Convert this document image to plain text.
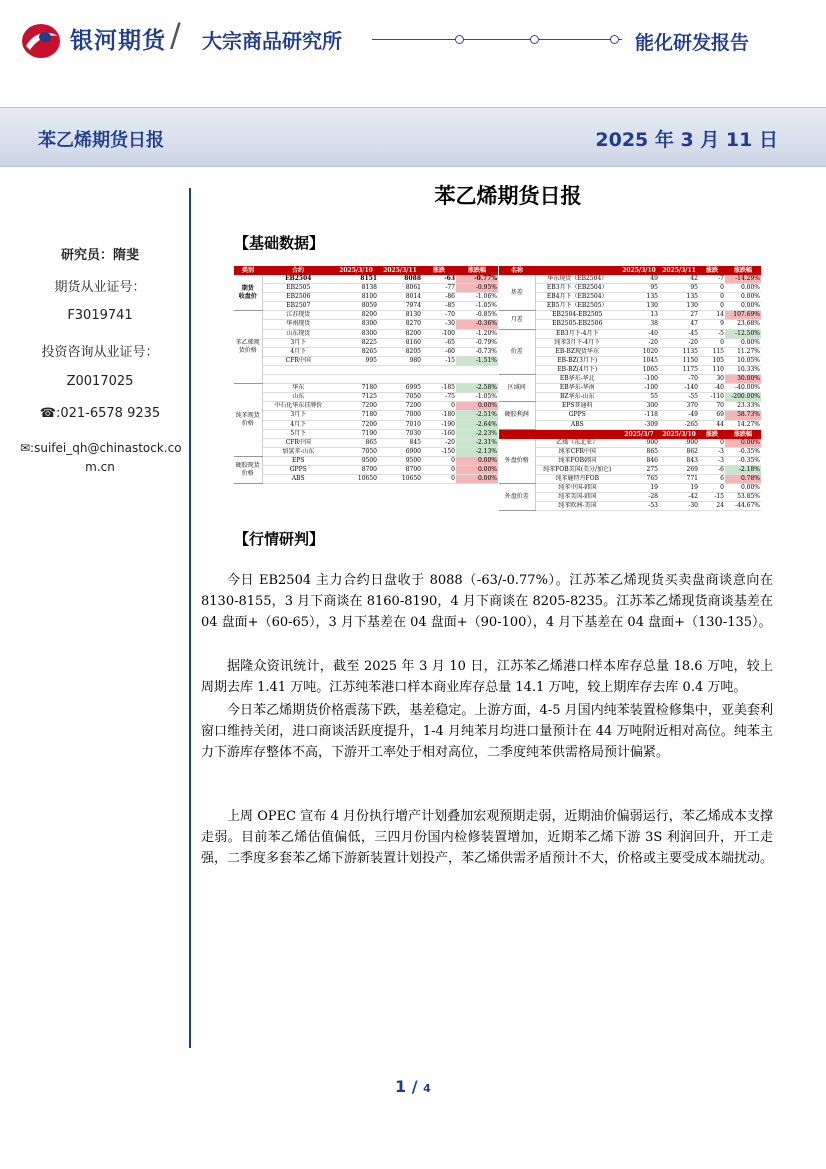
银河期货 / 大宗商品研究所	能化研发报告
苯乙烯期货日报	2025 年 3 月 11 日
研究员：隋斐
期货从业证号：
F3019741
投资咨询从业证号：
Z0017025
☎:021-6578 9235
✉:suifei_qh@chinastock.co
m.cn
苯乙烯期货日报
【基础数据】
类别	合约	2025/3/10	2025/3/11	涨跌	涨跌幅
期货
收盘价	EB2504	8151	8088	-63	-0.77%
	EB2505	8138	8061	-77	-0.95%
	EB2506	8100	8014	-86	-1.06%
	EB2507	8059	7974	-85	-1.05%
苯乙烯现
货价格	江苏现货	8200	8130	-70	-0.85%
	华南现货	8300	8270	-30	-0.36%
	山东现货	8300	8200	-100	-1.20%
	3月下	8225	8160	-65	-0.79%
	4月下	8265	8205	-60	-0.73%
	CFR中国	995	980	-15	-1.51%

纯苯现货
价格	华东	7180	6995	-185	-2.58%
	山东	7125	7050	-75	-1.05%
	中石化华东挂牌价	7200	7200	0	0.00%
	3月下	7180	7000	-180	-2.51%
	4月下	7200	7010	-190	-2.64%
	5月下	7190	7030	-160	-2.23%
	CFR中国	865	845	-20	-2.31%
	加氢苯-山东	7050	6900	-150	-2.13%
硬胶现货
价格	EPS	9500	9500	0	0.00%
	GPPS	8700	8700	0	0.00%
	ABS	10650	10650	0	0.00%
名称		2025/3/10	2025/3/11	涨跌	涨跌幅
基差	华东现货（EB2504）	49	42	-7	-14.29%
	EB3月下（EB2504）	95	95	0	0.00%
	EB4月下（EB2504）	135	135	0	0.00%
	EB5月下（EB2505）	130	130	0	0.00%
月差	EB2504-EB2505	13	27	14	107.69%
	EB2505-EB2506	38	47	9	23.68%
价差	EB3月下-4月下	-40	-45	-5	-12.50%
	纯苯3月下-4月下	-20	-20	0	0.00%
	EB-BZ现货华东	1020	1135	115	11.27%
	EB-BZ(3月下)	1045	1150	105	10.05%
	EB-BZ(4月下)	1065	1175	110	10.33%
区域间	EB华东-华北	-100	-70	30	30.00%
	EB华东-华南	-100	-140	-40	-40.00%
	BZ华东-山东	55	-55	-110	-200.00%
硬胶利润	EPS普通料	300	370	70	23.33%
	GPPS	-118	-49	69	58.73%
	ABS	-309	-265	44	14.27%
		2025/3/7	2025/3/10	涨跌	涨跌幅
外盘价格	乙烯（东北亚）	900	900	0	0.00%
	纯苯CFR中国	865	862	-3	-0.35%
	纯苯FOB韩国	846	843	-3	-0.35%
	纯苯FOB美国(美分/加仑)	275	269	-6	-2.18%
	纯苯鹿特丹FOB	765	771	6	0.78%
外盘价差	纯苯中国-韩国	19	19	0	0.00%
	纯苯美国-韩国	-28	-42	-15	53.85%
	纯苯欧洲-美国	-53	-30	24	-44.67%
【行情研判】
今日 EB2504 主力合约日盘收于 8088（-63/-0.77%）。江苏苯乙烯现货买卖盘商谈意向在 8130-8155，3 月下商谈在 8160-8190，4 月下商谈在 8205-8235。江苏苯乙烯现货商谈基差在 04 盘面+（60-65），3 月下基差在 04 盘面+（90-100），4 月下基差在 04 盘面+（130-135）。
据隆众资讯统计，截至 2025 年 3 月 10 日，江苏苯乙烯港口样本库存总量 18.6 万吨，较上周期去库 1.41 万吨。江苏纯苯港口样本商业库存总量 14.1 万吨，较上期库存去库 0.4 万吨。
今日苯乙烯期货价格震荡下跌，基差稳定。上游方面，4-5 月国内纯苯装置检修集中，亚美套利窗口维持关闭，进口商谈活跃度提升，1-4 月纯苯月均进口量预计在 44 万吨附近相对高位。纯苯主力下游库存整体不高，下游开工率处于相对高位，二季度纯苯供需格局预计偏紧。
上周 OPEC 宣布 4 月份执行增产计划叠加宏观预期走弱，近期油价偏弱运行，苯乙烯成本支撑走弱。目前苯乙烯估值偏低，三四月份国内检修装置增加，近期苯乙烯下游 3S 利润回升，开工走强，二季度多套苯乙烯下游新装置计划投产，苯乙烯供需矛盾预计不大，价格或主要受成本端扰动。
1 / 4
